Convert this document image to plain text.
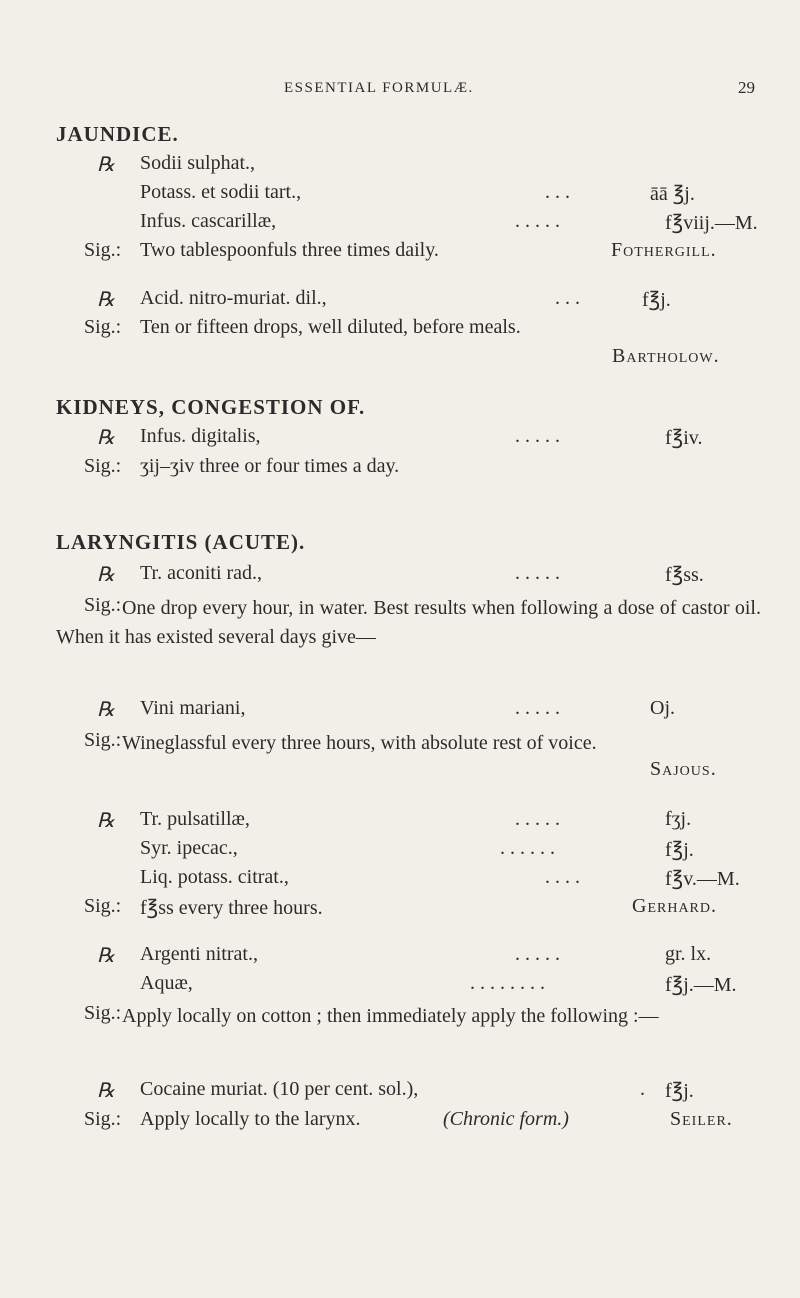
ESSENTIAL FORMULÆ.	29
JAUNDICE.
℞ Sodii sulphat.,
Potass. et sodii tart.,	. . .	āā ℥j.
Infus. cascarillæ,	. . . . .	f℥viij.—M.
Sig.: Two tablespoonfuls three times daily.	Fothergill.
℞ Acid. nitro-muriat. dil.,	. . .	f℥j.
Sig.: Ten or fifteen drops, well diluted, before meals.
Bartholow.
KIDNEYS, CONGESTION OF.
℞ Infus. digitalis,	. . . . .	f℥iv.
Sig.: ʒij–ʒiv three or four times a day.
LARYNGITIS (ACUTE).
℞ Tr. aconiti rad.,	. . . . .	f℥ss.
Sig.: One drop every hour, in water. Best results when following a dose of castor oil. When it has existed several days give—
℞ Vini mariani,	. . . . .	Oj.
Sig.: Wineglassful every three hours, with absolute rest of voice.
Sajous.
℞ Tr. pulsatillæ,	. . . . .	fʒj.
Syr. ipecac.,	. . . . . .	f℥j.
Liq. potass. citrat.,	. . . .	f℥v.—M.
Sig.: f℥ss every three hours.	Gerhard.
℞ Argenti nitrat.,	. . . . .	gr. lx.
Aquæ,	. . . . . . . .	f℥j.—M.
Sig.: Apply locally on cotton ; then immediately apply the following :—
℞ Cocaine muriat. (10 per cent. sol.),	. f℥j.
Sig.: Apply locally to the larynx.	(Chronic form.)	Seiler.
